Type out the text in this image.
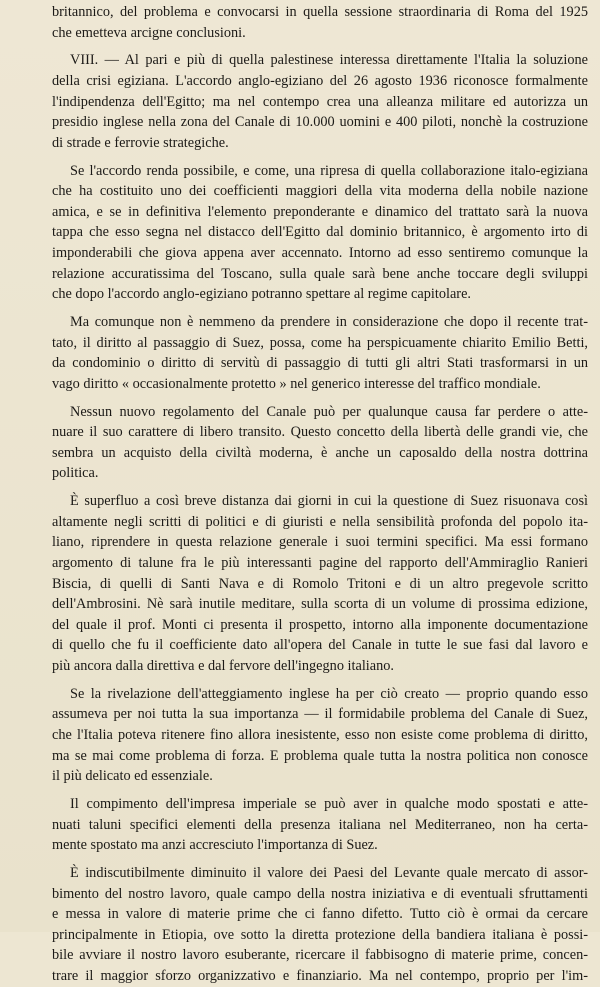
britannico, del problema e convocarsi in quella sessione straordinaria di Roma del 1925
che emetteva arcigne conclusioni.
VIII. — Al pari e più di quella palestinese interessa direttamente l'Italia la soluzione
della crisi egiziana. L'accordo anglo-egiziano del 26 agosto 1936 riconosce formalmente
l'indipendenza dell'Egitto; ma nel contempo crea una alleanza militare ed autorizza un
presidio inglese nella zona del Canale di 10.000 uomini e 400 piloti, nonchè la costruzione
di strade e ferrovie strategiche.
Se l'accordo renda possibile, e come, una ripresa di quella collaborazione italo-egiziana
che ha costituito uno dei coefficienti maggiori della vita moderna della nobile nazione
amica, e se in definitiva l'elemento preponderante e dinamico del trattato sarà la nuova
tappa che esso segna nel distacco dell'Egitto dal dominio britannico, è argomento irto di
imponderabili che giova appena aver accennato. Intorno ad esso sentiremo comunque la
relazione accuratissima del Toscano, sulla quale sarà bene anche toccare degli sviluppi
che dopo l'accordo anglo-egiziano potranno spettare al regime capitolare.
Ma comunque non è nemmeno da prendere in considerazione che dopo il recente trat-
tato, il diritto al passaggio di Suez, possa, come ha perspicuamente chiarito Emilio Betti,
da condominio o diritto di servitù di passaggio di tutti gli altri Stati trasformarsi in un
vago diritto « occasionalmente protetto » nel generico interesse del traffico mondiale.
Nessun nuovo regolamento del Canale può per qualunque causa far perdere o atte-
nuare il suo carattere di libero transito. Questo concetto della libertà delle grandi vie, che
sembra un acquisto della civiltà moderna, è anche un caposaldo della nostra dottrina
politica.
È superfluo a così breve distanza dai giorni in cui la questione di Suez risuonava così
altamente negli scritti di politici e di giuristi e nella sensibilità profonda del popolo ita-
liano, riprendere in questa relazione generale i suoi termini specifici. Ma essi formano
argomento di talune fra le più interessanti pagine del rapporto dell'Ammiraglio Ranieri
Biscia, di quelli di Santi Nava e di Romolo Tritoni e di un altro pregevole scritto
dell'Ambrosini. Nè sarà inutile meditare, sulla scorta di un volume di prossima edizione,
del quale il prof. Monti ci presenta il prospetto, intorno alla imponente documentazione
di quello che fu il coefficiente dato all'opera del Canale in tutte le sue fasi dal lavoro e
più ancora dalla direttiva e dal fervore dell'ingegno italiano.
Se la rivelazione dell'atteggiamento inglese ha per ciò creato — proprio quando esso
assumeva per noi tutta la sua importanza — il formidabile problema del Canale di Suez,
che l'Italia poteva ritenere fino allora inesistente, esso non esiste come problema di diritto,
ma se mai come problema di forza. E problema quale tutta la nostra politica non conosce
il più delicato ed essenziale.
Il compimento dell'impresa imperiale se può aver in qualche modo spostati e atte-
nuati taluni specifici elementi della presenza italiana nel Mediterraneo, non ha certa-
mente spostato ma anzi accresciuto l'importanza di Suez.
È indiscutibilmente diminuito il valore dei Paesi del Levante quale mercato di assor-
bimento del nostro lavoro, quale campo della nostra iniziativa e di eventuali sfruttamenti
e messa in valore di materie prime che ci fanno difetto. Tutto ciò è ormai da cercare
principalmente in Etiopia, ove sotto la diretta protezione della bandiera italiana è possi-
bile avviare il nostro lavoro esuberante, ricercare il fabbisogno di materie prime, concen-
trare il maggior sforzo organizzativo e finanziario. Ma nel contempo, proprio per l'im-
